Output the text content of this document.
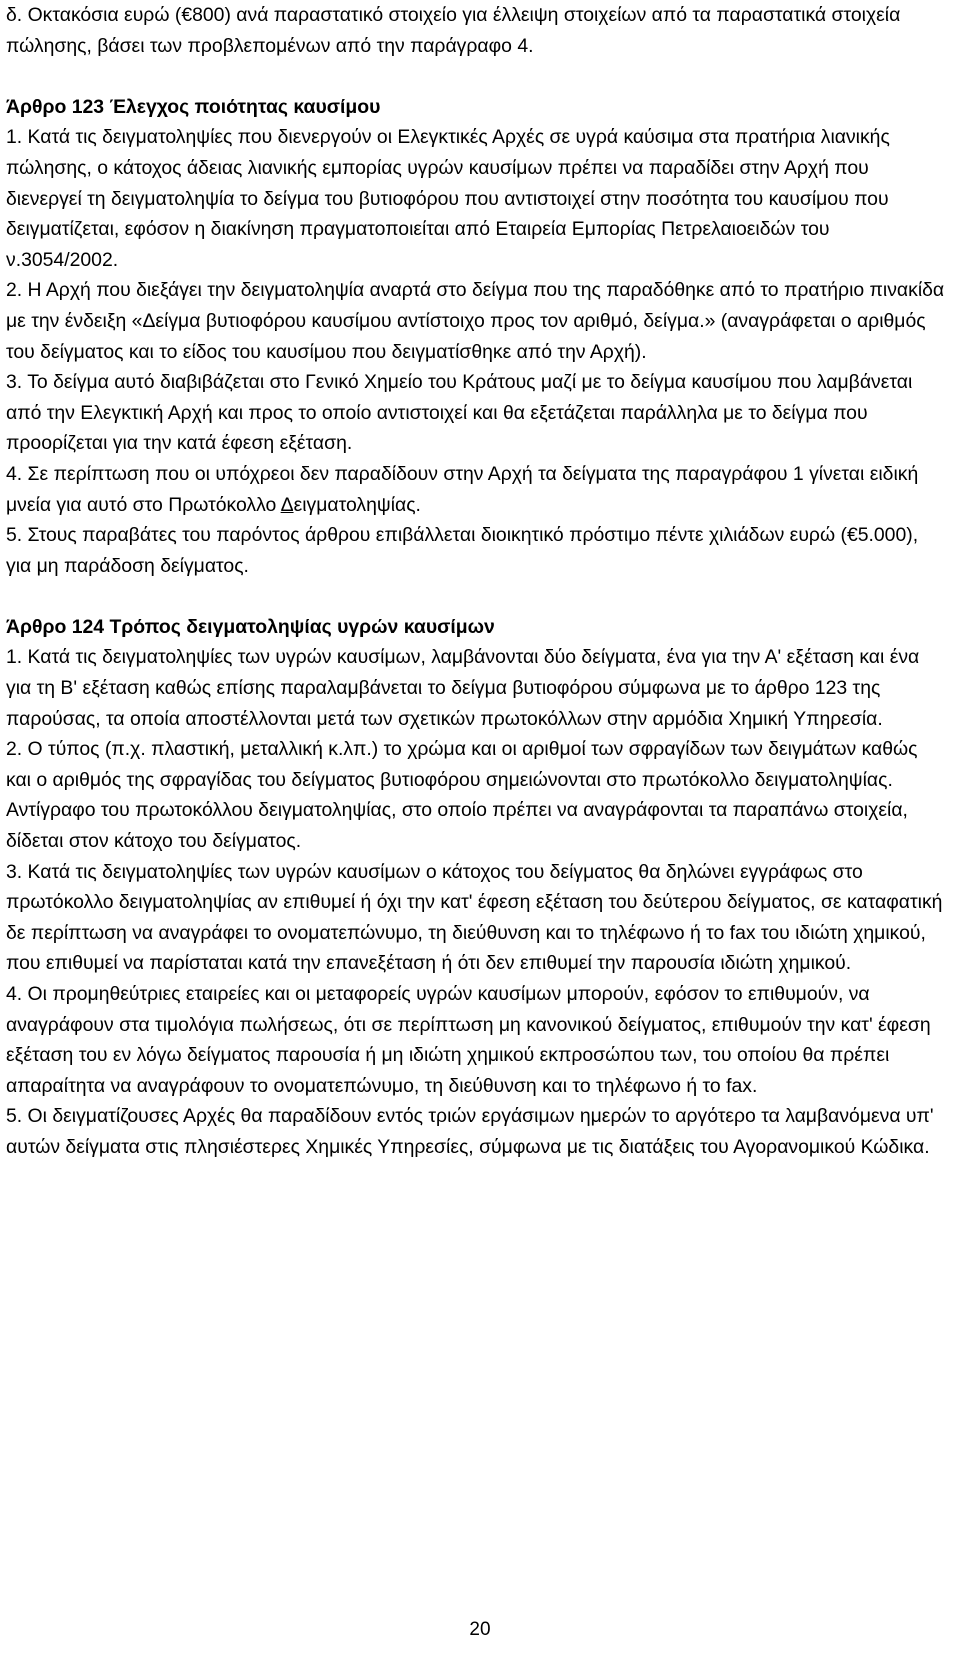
δ. Οκτακόσια ευρώ (€800) ανά παραστατικό στοιχείο για έλλειψη στοιχείων από τα παραστατικά στοιχεία πώλησης, βάσει των προβλεπομένων από την παράγραφο 4.

Άρθρο 123 Έλεγχος ποιότητας καυσίμου

1. Κατά τις δειγματοληψίες που διενεργούν οι Ελεγκτικές Αρχές σε υγρά καύσιμα στα πρατήρια λιανικής πώλησης, ο κάτοχος άδειας λιανικής εμπορίας υγρών καυσίμων πρέπει να παραδίδει στην Αρχή που διενεργεί τη δειγματοληψία το δείγμα του βυτιοφόρου που αντιστοιχεί στην ποσότητα του καυσίμου που δειγματίζεται, εφόσον η διακίνηση πραγματοποιείται από Εταιρεία Εμπορίας Πετρελαιοειδών του ν.3054/2002.

2. Η Αρχή που διεξάγει την δειγματοληψία αναρτά στο δείγμα που της παραδόθηκε από το πρατήριο πινακίδα με την ένδειξη «Δείγμα βυτιοφόρου καυσίμου αντίστοιχο προς τον αριθμό, δείγμα.» (αναγράφεται ο αριθμός του δείγματος και το είδος του καυσίμου που δειγματίσθηκε από την Αρχή).

3. Το δείγμα αυτό διαβιβάζεται στο Γενικό Χημείο του Κράτους μαζί με το δείγμα καυσίμου που λαμβάνεται από την Ελεγκτική Αρχή και προς το οποίο αντιστοιχεί και θα εξετάζεται παράλληλα με το δείγμα που προορίζεται για την κατά έφεση εξέταση.

4. Σε περίπτωση που οι υπόχρεοι δεν παραδίδουν στην Αρχή τα δείγματα της παραγράφου 1 γίνεται ειδική μνεία για αυτό στο Πρωτόκολλο Δειγματοληψίας.

5. Στους παραβάτες του παρόντος άρθρου επιβάλλεται διοικητικό πρόστιμο πέντε χιλιάδων ευρώ (€5.000), για μη παράδοση δείγματος.

Άρθρο 124 Τρόπος δειγματοληψίας υγρών καυσίμων

1. Κατά τις δειγματοληψίες των υγρών καυσίμων, λαμβάνονται δύο δείγματα, ένα για την Α' εξέταση και ένα για τη Β' εξέταση καθώς επίσης παραλαμβάνεται το δείγμα βυτιοφόρου σύμφωνα με το άρθρο 123 της παρούσας, τα οποία αποστέλλονται μετά των σχετικών πρωτοκόλλων στην αρμόδια Χημική Υπηρεσία.

2. Ο τύπος (π.χ. πλαστική, μεταλλική κ.λπ.) το χρώμα και οι αριθμοί των σφραγίδων των δειγμάτων καθώς και ο αριθμός της σφραγίδας του δείγματος βυτιοφόρου σημειώνονται στο πρωτόκολλο δειγματοληψίας. Αντίγραφο του πρωτοκόλλου δειγματοληψίας, στο οποίο πρέπει να αναγράφονται τα παραπάνω στοιχεία, δίδεται στον κάτοχο του δείγματος.

3. Κατά τις δειγματοληψίες των υγρών καυσίμων ο κάτοχος του δείγματος θα δηλώνει εγγράφως στο πρωτόκολλο δειγματοληψίας αν επιθυμεί ή όχι την κατ' έφεση εξέταση του δεύτερου δείγματος, σε καταφατική δε περίπτωση να αναγράφει το ονοματεπώνυμο, τη διεύθυνση και το τηλέφωνο ή το fax του ιδιώτη χημικού, που επιθυμεί να παρίσταται κατά την επανεξέταση ή ότι δεν επιθυμεί την παρουσία ιδιώτη χημικού.

4. Οι προμηθεύτριες εταιρείες και οι μεταφορείς υγρών καυσίμων μπορούν, εφόσον το επιθυμούν, να αναγράφουν στα τιμολόγια πωλήσεως, ότι σε περίπτωση μη κανονικού δείγματος, επιθυμούν την κατ' έφεση εξέταση του εν λόγω δείγματος παρουσία ή μη ιδιώτη χημικού εκπροσώπου των, του οποίου θα πρέπει απαραίτητα να αναγράφουν το ονοματεπώνυμο, τη διεύθυνση και το τηλέφωνο ή το fax.

5. Οι δειγματίζουσες Αρχές θα παραδίδουν εντός τριών εργάσιμων ημερών το αργότερο τα λαμβανόμενα υπ' αυτών δείγματα στις πλησιέστερες Χημικές Υπηρεσίες, σύμφωνα με τις διατάξεις του Αγορανομικού Κώδικα.

20
